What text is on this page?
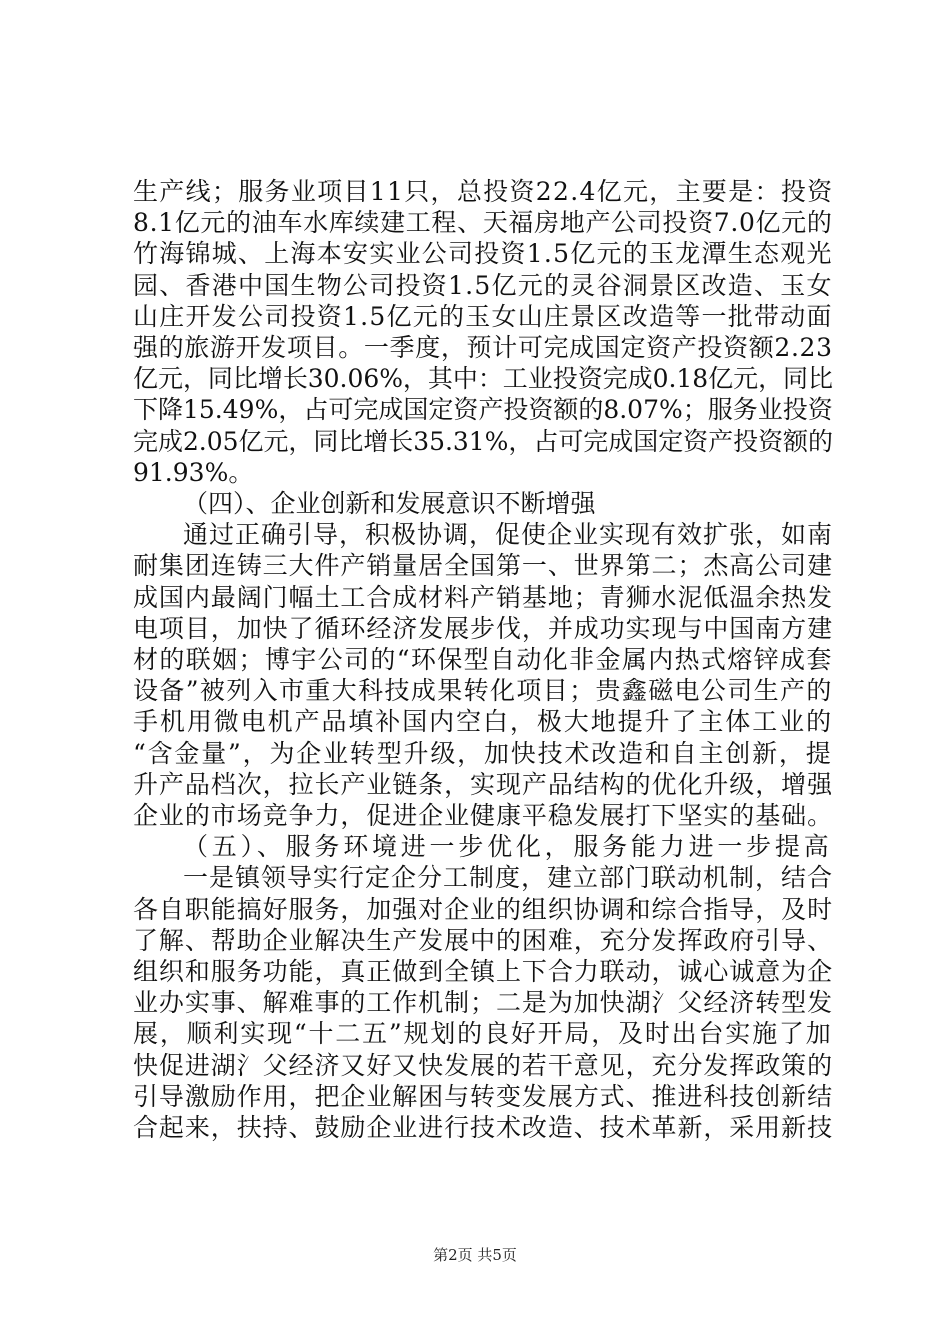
生产线；服务业项目11只，总投资22.4亿元，主要是：投资
8.1亿元的油车水库续建工程、天福房地产公司投资7.0亿元的
竹海锦城、上海本安实业公司投资1.5亿元的玉龙潭生态观光
园、香港中国生物公司投资1.5亿元的灵谷洞景区改造、玉女
山庄开发公司投资1.5亿元的玉女山庄景区改造等一批带动面
强的旅游开发项目。一季度，预计可完成国定资产投资额2.23
亿元，同比增长30.06%，其中：工业投资完成0.18亿元，同比
下降15.49%，占可完成国定资产投资额的8.07%；服务业投资
完成2.05亿元，同比增长35.31%，占可完成国定资产投资额的
91.93%。
（四）、企业创新和发展意识不断增强
通过正确引导，积极协调，促使企业实现有效扩张，如南
耐集团连铸三大件产销量居全国第一、世界第二；杰高公司建
成国内最阔门幅土工合成材料产销基地；青狮水泥低温余热发
电项目，加快了循环经济发展步伐，并成功实现与中国南方建
材的联姻；博宇公司的“环保型自动化非金属内热式熔锌成套
设备”被列入市重大科技成果转化项目；贵鑫磁电公司生产的
手机用微电机产品填补国内空白，极大地提升了主体工业的
“含金量”，为企业转型升级，加快技术改造和自主创新，提
升产品档次，拉长产业链条，实现产品结构的优化升级，增强
企业的市场竞争力，促进企业健康平稳发展打下坚实的基础。
（五）、服务环境进一步优化，服务能力进一步提高
一是镇领导实行定企分工制度，建立部门联动机制，结合
各自职能搞好服务，加强对企业的组织协调和综合指导，及时
了解、帮助企业解决生产发展中的困难，充分发挥政府引导、
组织和服务功能，真正做到全镇上下合力联动，诚心诚意为企
业办实事、解难事的工作机制；二是为加快湖氵父经济转型发
展，顺利实现“十二五”规划的良好开局，及时出台实施了加
快促进湖氵父经济又好又快发展的若干意见，充分发挥政策的
引导激励作用，把企业解困与转变发展方式、推进科技创新结
合起来，扶持、鼓励企业进行技术改造、技术革新，采用新技
第2页 共5页
